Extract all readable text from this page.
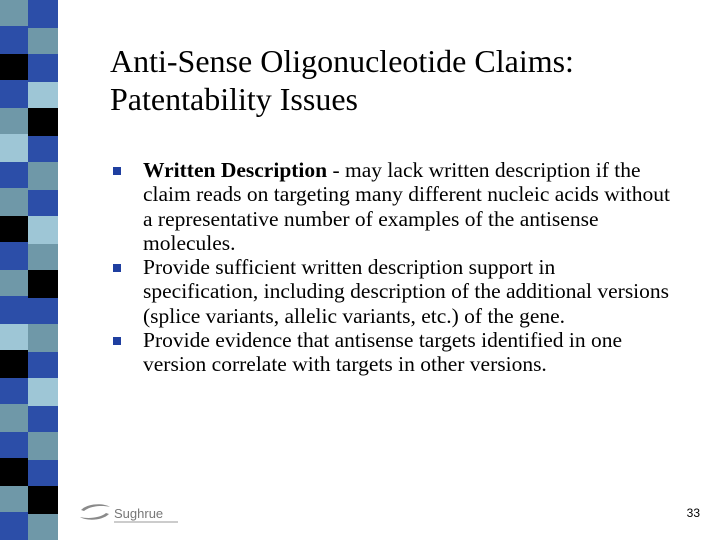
Anti-Sense Oligonucleotide Claims:
Patentability Issues
Written Description - may lack written description if the claim reads on targeting many different nucleic acids without a representative number of examples of the antisense molecules.
Provide sufficient written description support in specification, including description of the additional versions (splice variants, allelic variants, etc.) of the gene.
Provide evidence that antisense targets identified in one version correlate with targets in other versions.
Sughrue	33
